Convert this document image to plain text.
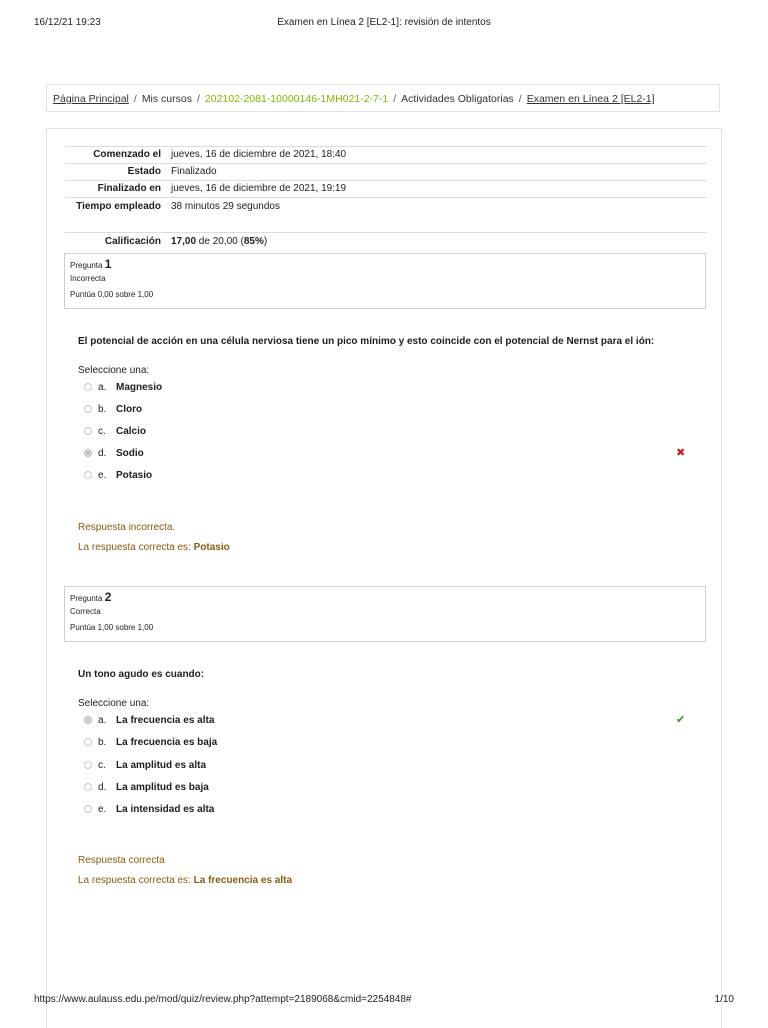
16/12/21 19:23	Examen en Línea 2 [EL2-1]: revisión de intentos
Página Principal / Mis cursos / 202102-2081-10000146-1MH021-2-7-1 / Actividades Obligatorias / Examen en Línea 2 [EL2-1]
Comenzado el	jueves, 16 de diciembre de 2021, 18:40
Estado	Finalizado
Finalizado en	jueves, 16 de diciembre de 2021, 19:19
Tiempo empleado	38 minutos 29 segundos
Calificación	17,00 de 20,00 (85%)
Pregunta 1
Incorrecta
Puntúa 0,00 sobre 1,00
El potencial de acción en una célula nerviosa tiene un pico mínimo y esto coincide con el potencial de Nernst para el ión:
Seleccione una:
a. Magnesio
b. Cloro
c. Calcio
d. Sodio
e. Potasio
✖
Respuesta incorrecta.
La respuesta correcta es: Potasio
Pregunta 2
Correcta
Puntúa 1,00 sobre 1,00
Un tono agudo es cuando:
Seleccione una:
a. La frecuencia es alta
b. La frecuencia es baja
c. La amplitud es alta
d. La amplitud es baja
e. La intensidad es alta
✔
Respuesta correcta
La respuesta correcta es: La frecuencia es alta
https://www.aulauss.edu.pe/mod/quiz/review.php?attempt=2189068&cmid=2254848#	1/10
